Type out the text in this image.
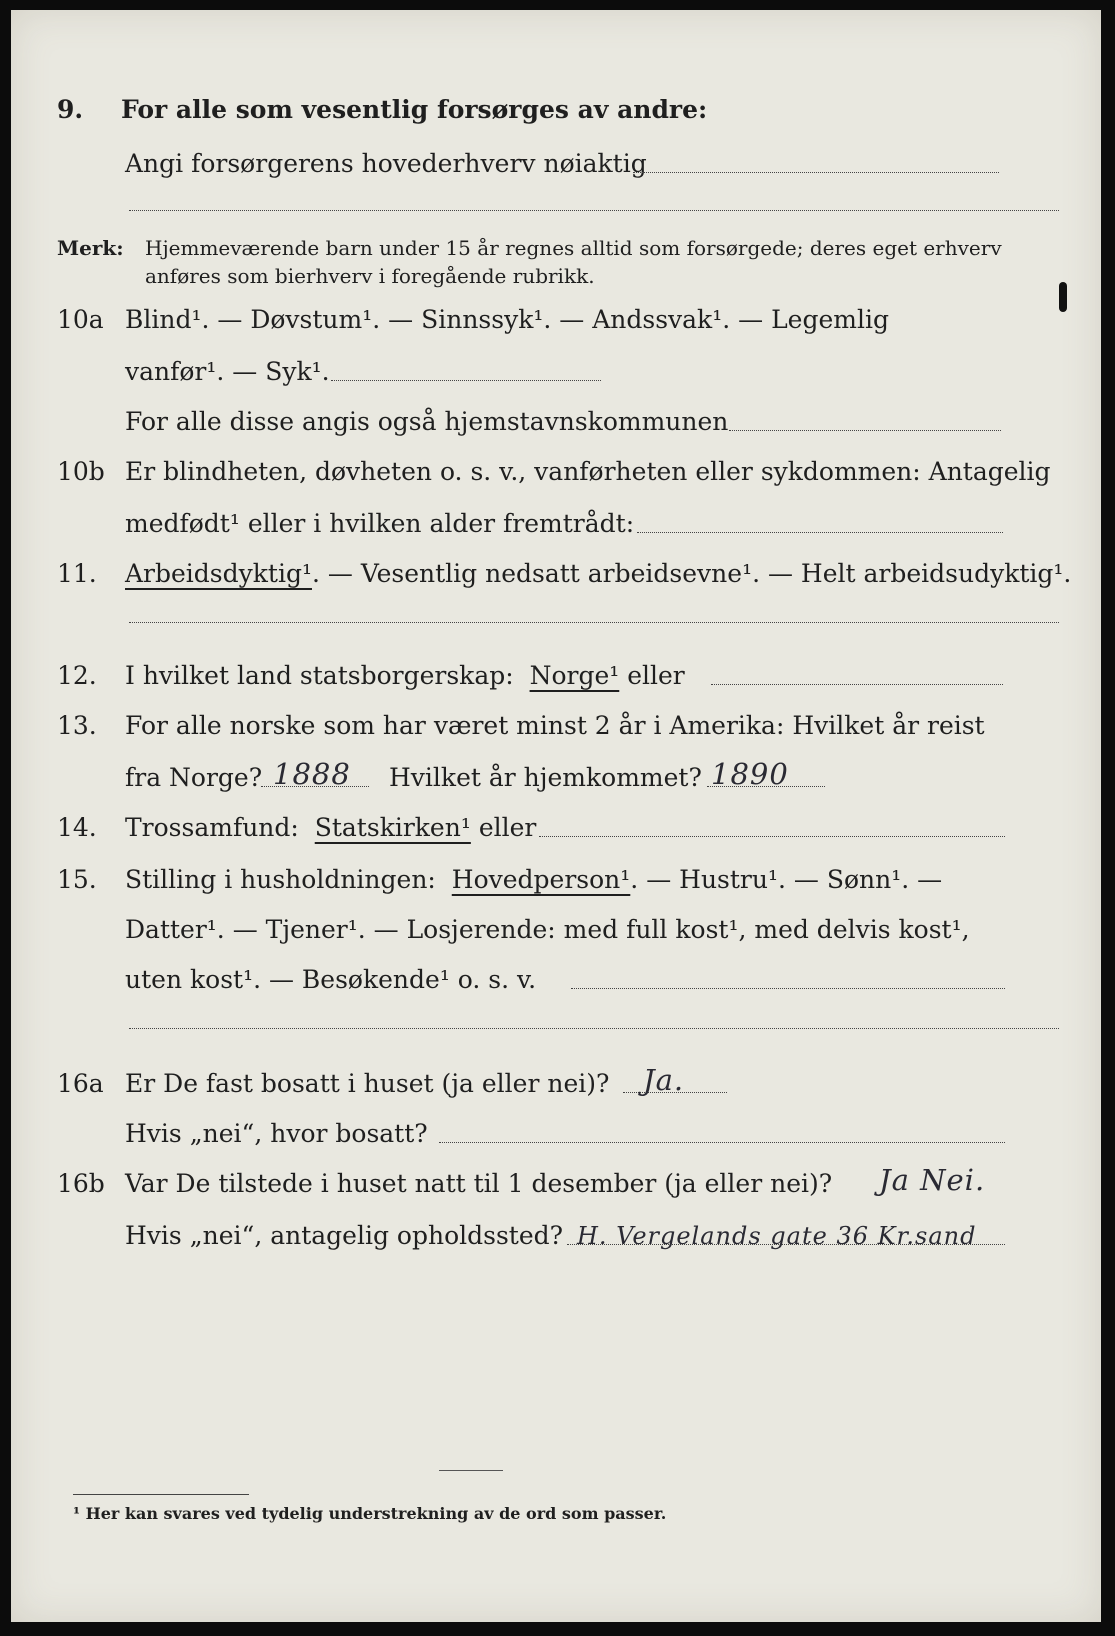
9. For alle som vesentlig forsørges av andre:
Angi forsørgerens hovederhverv nøiaktig
Merk: Hjemmeværende barn under 15 år regnes alltid som forsørgede; deres eget erhverv
anføres som bierhverv i foregående rubrikk.
10a Blind¹. — Døvstum¹. — Sinnssyk¹. — Andssvak¹. — Legemlig
vanfør¹. — Syk¹.
For alle disse angis også hjemstavnskommunen
10b Er blindheten, døvheten o. s. v., vanførheten eller sykdommen: Antagelig
medfødt¹ eller i hvilken alder fremtrådt:
11. Arbeidsdyktig¹. — Vesentlig nedsatt arbeidsevne¹. — Helt arbeidsudyktig¹.
12. I hvilket land statsborgerskap: Norge¹ eller
13. For alle norske som har været minst 2 år i Amerika: Hvilket år reist
fra Norge? 1888 Hvilket år hjemkommet? 1890
14. Trossamfund: Statskirken¹ eller
15. Stilling i husholdningen: Hovedperson¹. — Hustru¹. — Sønn¹. —
Datter¹. — Tjener¹. — Losjerende: med full kost¹, med delvis kost¹,
uten kost¹. — Besøkende¹ o. s. v.
16a Er De fast bosatt i huset (ja eller nei)? Ja.
Hvis „nei“, hvor bosatt?
16b Var De tilstede i huset natt til 1 desember (ja eller nei)? Ja Nei.
Hvis „nei“, antagelig opholdssted? H. Vergelands gate 36 Kr.sand
¹ Her kan svares ved tydelig understrekning av de ord som passer.
